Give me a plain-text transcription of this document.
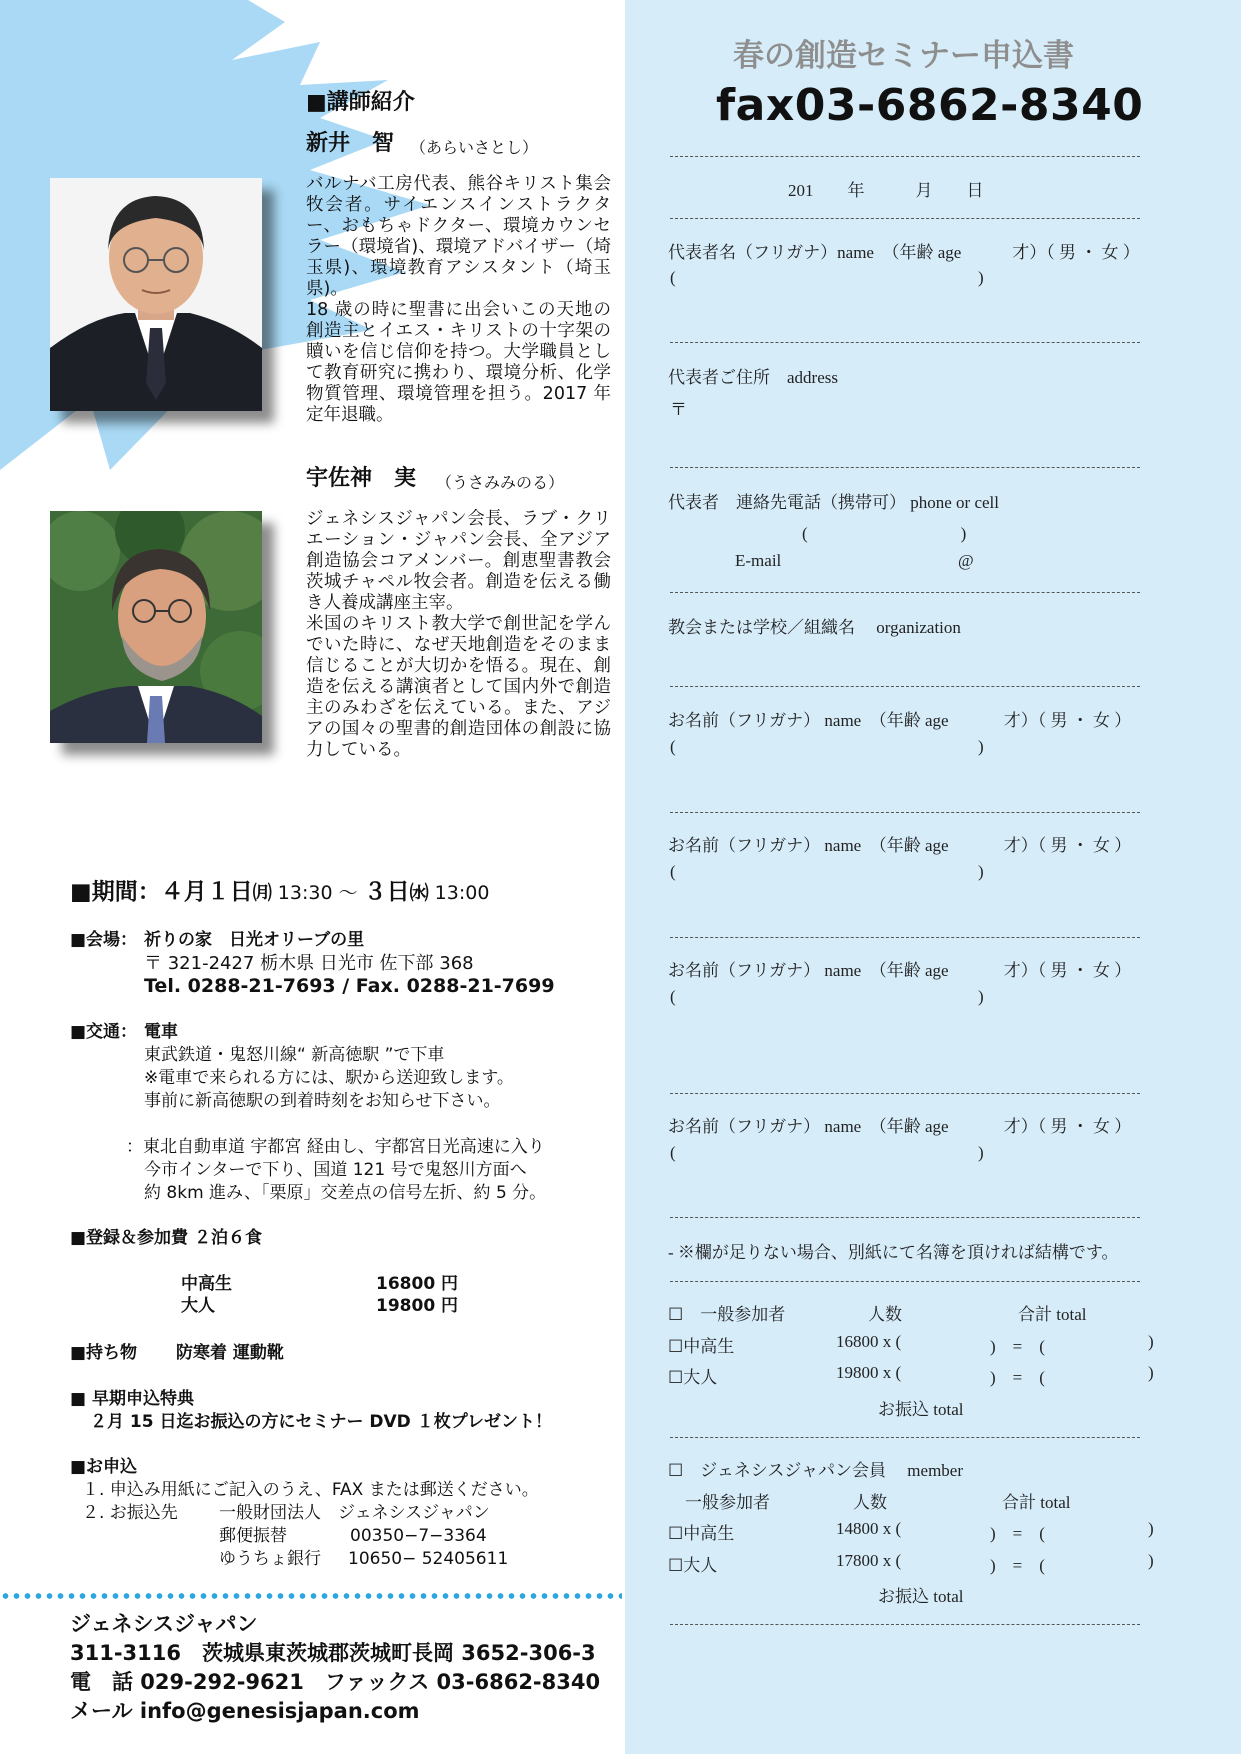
春の創造セミナー申込書
fax03-6862-8340
201　　年　　　月　　日
代表者名（フリガナ）name　（年齢 age　　　才）（ 男 ・ 女 ）
(	)
代表者ご住所　address
〒
代表者　連絡先電話（携帯可） phone or cell
(　　　　　　　　　)
E-mail	@
教会または学校／組織名　 organization
お名前（フリガナ） name　（年齢 age　　　 才）（ 男 ・ 女 ）
(	)
お名前（フリガナ） name　（年齢 age　　　 才）（ 男 ・ 女 ）
(	)
お名前（フリガナ） name　（年齢 age　　　 才）（ 男 ・ 女 ）
(	)
お名前（フリガナ） name　（年齢 age　　　 才）（ 男 ・ 女 ）
(	)
- ※欄が足りない場合、別紙にて名簿を頂ければ結構です。
☐　一般参加者	人数	合計 total
☐中高生	16800 x (	)　=　(	)
☐大人	19800 x (	)　=　(	)
お振込 total
☐　ジェネシスジャパン会員　 member
一般参加者	人数	合計 total
☐中高生	14800 x (	)　=　(	)
☐大人	17800 x (	)　=　(	)
お振込 total
■講師紹介
新井　智 （あらいさとし）
バルナバ工房代表、熊谷キリスト集会牧会者。サイエンスインストラクター、おもちゃドクター、環境カウンセラー（環境省)、環境アドバイザー（埼玉県)、環境教育アシスタント（埼玉県)。
18 歳の時に聖書に出会いこの天地の創造主とイエス・キリストの十字架の贖いを信じ信仰を持つ。大学職員として教育研究に携わり、環境分析、化学物質管理、環境管理を担う。2017 年定年退職。
宇佐神　実 （うさみみのる）
ジェネシスジャパン会長、ラブ・クリエーション・ジャパン会長、全アジア創造協会コアメンバー。創恵聖書教会茨城チャペル牧会者。創造を伝える働き人養成講座主宰。
米国のキリスト教大学で創世記を学んでいた時に、なぜ天地創造をそのまま信じることが大切かを悟る。現在、創造を伝える講演者として国内外で創造主のみわざを伝えている。また、アジアの国々の聖書的創造団体の創設に協力している。
■期間：４月１日㈪ 13:30 〜 ３日㈬ 13:00
■会場： 祈りの家　日光オリーブの里
〒 321-2427 栃木県 日光市 佐下部 368
Tel. 0288-21-7693 / Fax. 0288-21-7699
■交通： 電車
東武鉄道・鬼怒川線“ 新高徳駅 ”で下車
※電車で来られる方には、駅から送迎致します。
事前に新高徳駅の到着時刻をお知らせ下さい。
：東北自動車道 宇都宮 経由し、宇都宮日光高速に入り
今市インターで下り、国道 121 号で鬼怒川方面へ
約 8km 進み、「栗原」交差点の信号左折、約 5 分。
■登録＆参加費 ２泊６食
中高生	16800 円
大人	19800 円
■持ち物 防寒着 運動靴
■ 早期申込特典
２月 15 日迄お振込の方にセミナー DVD １枚プレゼント！
■お申込
１. 申込み用紙にご記入のうえ、FAX または郵送ください。
２. お振込先 一般財団法人　ジェネシスジャパン
郵便振替	00350−7−3364
ゆうちょ銀行 10650− 52405611
ジェネシスジャパン
311-3116　茨城県東茨城郡茨城町長岡 3652-306-3
電　話 029-292-9621　ファックス 03-6862-8340
メール info@genesisjapan.com
